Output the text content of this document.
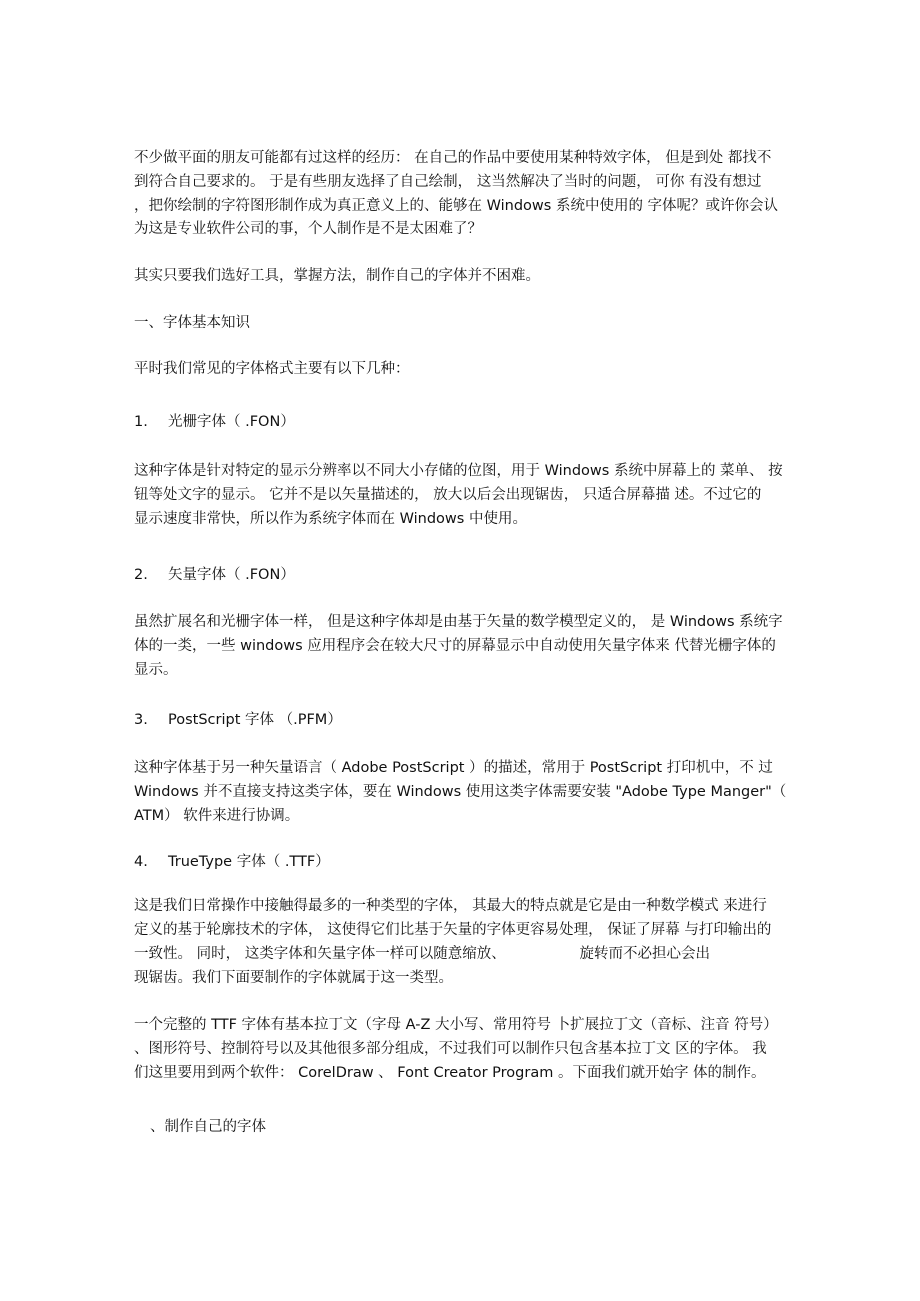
不少做平面的朋友可能都有过这样的经历： 在自己的作品中要使用某种特效字体， 但是到处 都找不
到符合自己要求的。 于是有些朋友选择了自己绘制， 这当然解决了当时的问题， 可你 有没有想过
，把你绘制的字符图形制作成为真正意义上的、能够在 Windows 系统中使用的 字体呢？或许你会认
为这是专业软件公司的事，个人制作是不是太困难了？
其实只要我们选好工具，掌握方法，制作自己的字体并不困难。
一、字体基本知识
平时我们常见的字体格式主要有以下几种：
1. 光栅字体（ .FON）
这种字体是针对特定的显示分辨率以不同大小存储的位图，用于 Windows 系统中屏幕上的 菜单、 按
钮等处文字的显示。 它并不是以矢量描述的， 放大以后会出现锯齿， 只适合屏幕描 述。不过它的
显示速度非常快，所以作为系统字体而在 Windows 中使用。
2. 矢量字体（ .FON）
虽然扩展名和光栅字体一样， 但是这种字体却是由基于矢量的数学模型定义的， 是 Windows 系统字
体的一类，一些 windows 应用程序会在较大尺寸的屏幕显示中自动使用矢量字体来 代替光栅字体的
显示。
3. PostScript 字体 （.PFM）
这种字体基于另一种矢量语言（ Adobe PostScript ）的描述，常用于 PostScript 打印机中，不 过
Windows 并不直接支持这类字体，要在 Windows 使用这类字体需要安装 "Adobe Type Manger"（
ATM） 软件来进行协调。
4. TrueType 字体（ .TTF）
这是我们日常操作中接触得最多的一种类型的字体， 其最大的特点就是它是由一种数学模式 来进行
定义的基于轮廓技术的字体， 这使得它们比基于矢量的字体更容易处理， 保证了屏幕 与打印输出的
一致性。 同时， 这类字体和矢量字体一样可以随意缩放、                旋转而不必担心会出
现锯齿。我们下面要制作的字体就属于这一类型。
一个完整的 TTF 字体有基本拉丁文（字母 A-Z 大小写、常用符号 卜扩展拉丁文（音标、注音 符号）
、图形符号、控制符号以及其他很多部分组成，不过我们可以制作只包含基本拉丁文 区的字体。 我
们这里要用到两个软件： CorelDraw 、 Font Creator Program 。下面我们就开始字 体的制作。
、制作自己的字体
